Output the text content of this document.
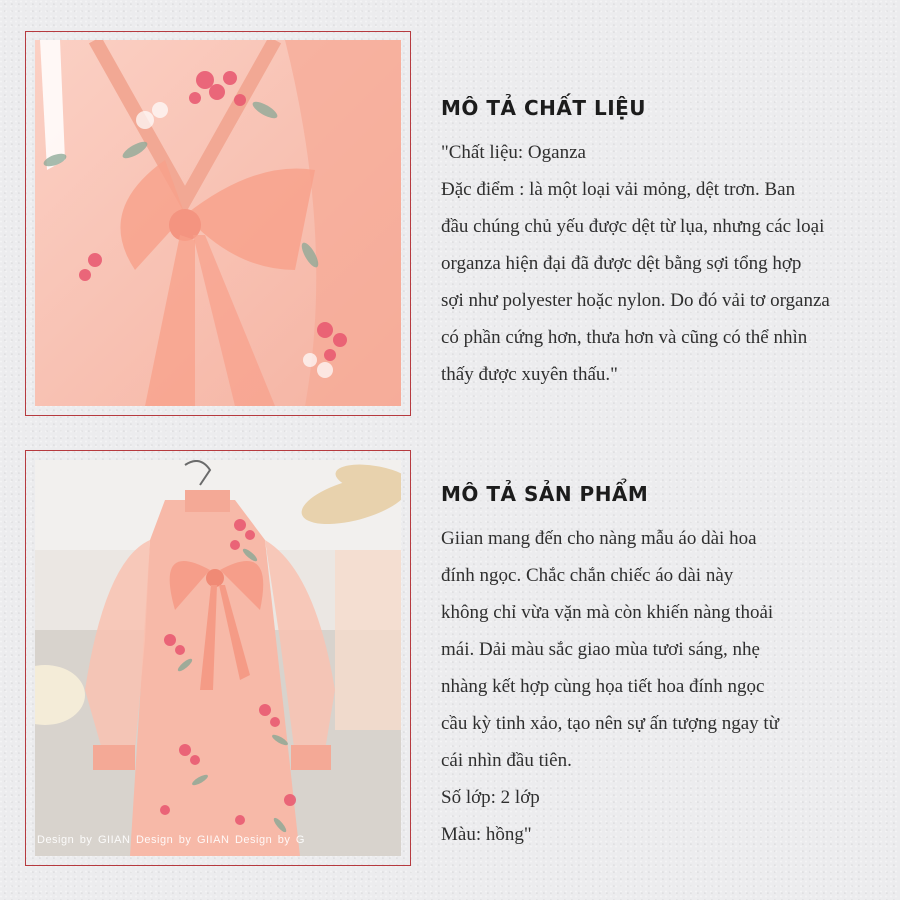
Design by GIIAN Design by GIIAN Design by G
MÔ TẢ CHẤT LIỆU

"Chất liệu: Oganza
Đặc điểm : là một loại vải mỏng, dệt trơn. Ban
đầu chúng chủ yếu được dệt từ lụa, nhưng các loại
organza hiện đại đã được dệt bằng sợi tổng hợp
sợi như polyester hoặc nylon. Do đó vải tơ organza
có phần cứng hơn, thưa hơn và cũng có thể nhìn
thấy được xuyên thấu."

MÔ TẢ SẢN PHẨM

Giian mang đến cho nàng mẫu áo dài hoa
đính ngọc. Chắc chắn chiếc áo dài này
không chỉ vừa vặn mà còn khiến nàng thoải
mái. Dải màu sắc giao mùa tươi sáng, nhẹ
nhàng kết hợp cùng họa tiết hoa đính ngọc
cầu kỳ tinh xảo, tạo nên sự ấn tượng ngay từ
cái nhìn đầu tiên.
Số lớp: 2 lớp
Màu: hồng"
